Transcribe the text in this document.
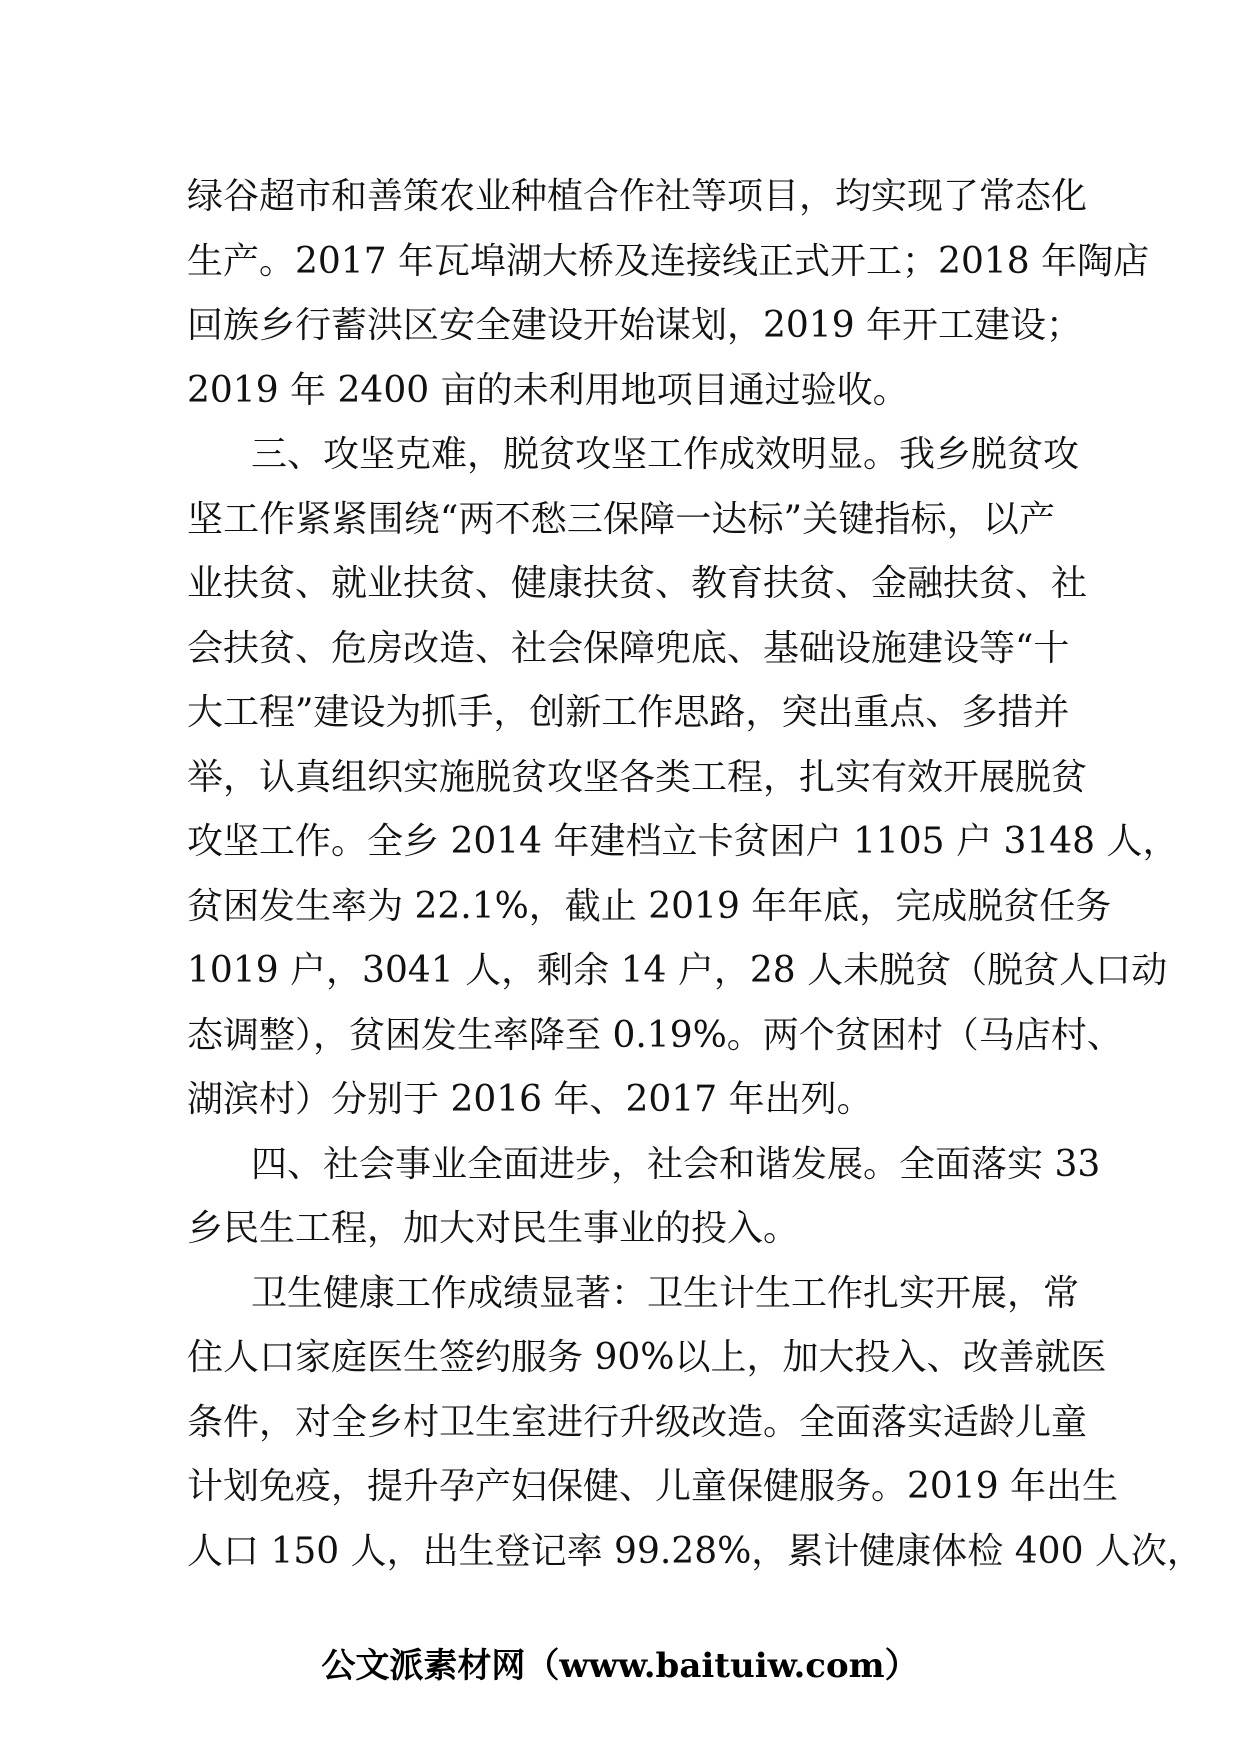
绿谷超市和善策农业种植合作社等项目，均实现了常态化
生产。2017 年瓦埠湖大桥及连接线正式开工；2018 年陶店
回族乡行蓄洪区安全建设开始谋划，2019 年开工建设；
2019 年 2400 亩的未利用地项目通过验收。
三、攻坚克难，脱贫攻坚工作成效明显。我乡脱贫攻
坚工作紧紧围绕“两不愁三保障一达标”关键指标，以产
业扶贫、就业扶贫、健康扶贫、教育扶贫、金融扶贫、社
会扶贫、危房改造、社会保障兜底、基础设施建设等“十
大工程”建设为抓手，创新工作思路，突出重点、多措并
举，认真组织实施脱贫攻坚各类工程，扎实有效开展脱贫
攻坚工作。全乡 2014 年建档立卡贫困户 1105 户 3148 人，
贫困发生率为 22.1%，截止 2019 年年底，完成脱贫任务
1019 户，3041 人，剩余 14 户，28 人未脱贫（脱贫人口动
态调整），贫困发生率降至 0.19%。两个贫困村（马店村、
湖滨村）分别于 2016 年、2017 年出列。
四、社会事业全面进步，社会和谐发展。全面落实 33
乡民生工程，加大对民生事业的投入。
卫生健康工作成绩显著：卫生计生工作扎实开展，常
住人口家庭医生签约服务 90%以上，加大投入、改善就医
条件，对全乡村卫生室进行升级改造。全面落实适龄儿童
计划免疫，提升孕产妇保健、儿童保健服务。2019 年出生
人口 150 人，出生登记率 99.28%，累计健康体检 400 人次，
公文派素材网（www.baituiw.com）
